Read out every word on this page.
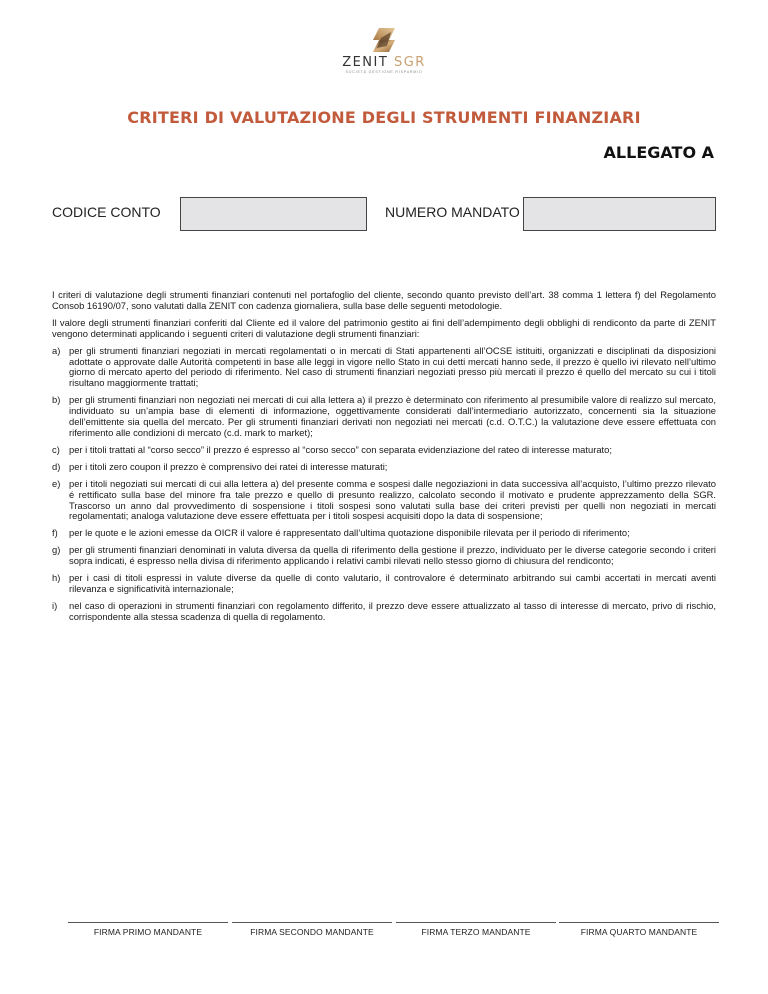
ZENIT SGR
SOCIETÀ GESTIONE RISPARMIO
CRITERI DI VALUTAZIONE DEGLI STRUMENTI FINANZIARI
ALLEGATO A
CODICE CONTO	NUMERO MANDATO

I criteri di valutazione degli strumenti finanziari contenuti nel portafoglio del cliente, secondo quanto previsto dell’art. 38 comma 1 lettera f) del Regolamento Consob 16190/07, sono valutati dalla ZENIT con cadenza giornaliera, sulla base delle seguenti metodologie.

Il valore degli strumenti finanziari conferiti dal Cliente ed il valore del patrimonio gestito ai fini dell’adempimento degli obblighi di rendiconto da parte di ZENIT vengono determinati applicando i seguenti criteri di valutazione degli strumenti finanziari:

a) per gli strumenti finanziari negoziati in mercati regolamentati o in mercati di Stati appartenenti all’OCSE istituiti, organizzati e disciplinati da disposizioni adottate o approvate dalle Autorità competenti in base alle leggi in vigore nello Stato in cui detti mercati hanno sede, il prezzo è quello ivi rilevato nell’ultimo giorno di mercato aperto del periodo di riferimento. Nel caso di strumenti finanziari negoziati presso più mercati il prezzo é quello del mercato su cui i titoli risultano maggiormente trattati;
b) per gli strumenti finanziari non negoziati nei mercati di cui alla lettera a) il prezzo è determinato con riferimento al presumibile valore di realizzo sul mercato, individuato su un’ampia base di elementi di informazione, oggettivamente considerati dall’intermediario autorizzato, concernenti sia la situazione dell’emittente sia quella del mercato. Per gli strumenti finanziari derivati non negoziati nei mercati (c.d. O.T.C.) la valutazione deve essere effettuata con riferimento alle condizioni di mercato (c.d. mark to market);
c) per i titoli trattati al “corso secco” il prezzo é espresso al “corso secco” con separata evidenziazione del rateo di interesse maturato;
d) per i titoli zero coupon il prezzo è comprensivo dei ratei di interesse maturati;
e) per i titoli negoziati sui mercati di cui alla lettera a) del presente comma e sospesi dalle negoziazioni in data successiva all’acquisto, l’ultimo prezzo rilevato é rettificato sulla base del minore fra tale prezzo e quello di presunto realizzo, calcolato secondo il motivato e prudente apprezzamento della SGR. Trascorso un anno dal provvedimento di sospensione i titoli sospesi sono valutati sulla base dei criteri previsti per quelli non negoziati in mercati regolamentati; analoga valutazione deve essere effettuata per i titoli sospesi acquisiti dopo la data di sospensione;
f)	per le quote e le azioni emesse da OICR il valore é rappresentato dall’ultima quotazione disponibile rilevata per il periodo di riferimento;
g) per gli strumenti finanziari denominati in valuta diversa da quella di riferimento della gestione il prezzo, individuato per le diverse categorie secondo i criteri sopra indicati, é espresso nella divisa di riferimento applicando i relativi cambi rilevati nello stesso giorno di chiusura del rendiconto;
h) per i casi di titoli espressi in valute diverse da quelle di conto valutario, il controvalore é determinato arbitrando sui cambi accertati in mercati aventi rilevanza e significatività internazionale;
i)	nel caso di operazioni in strumenti finanziari con regolamento differito, il prezzo deve essere attualizzato al tasso di interesse di mercato, privo di rischio, corrispondente alla stessa scadenza di quella di regolamento.
FIRMA PRIMO MANDANTE	FIRMA SECONDO MANDANTE	FIRMA TERZO MANDANTE	FIRMA QUARTO MANDANTE
